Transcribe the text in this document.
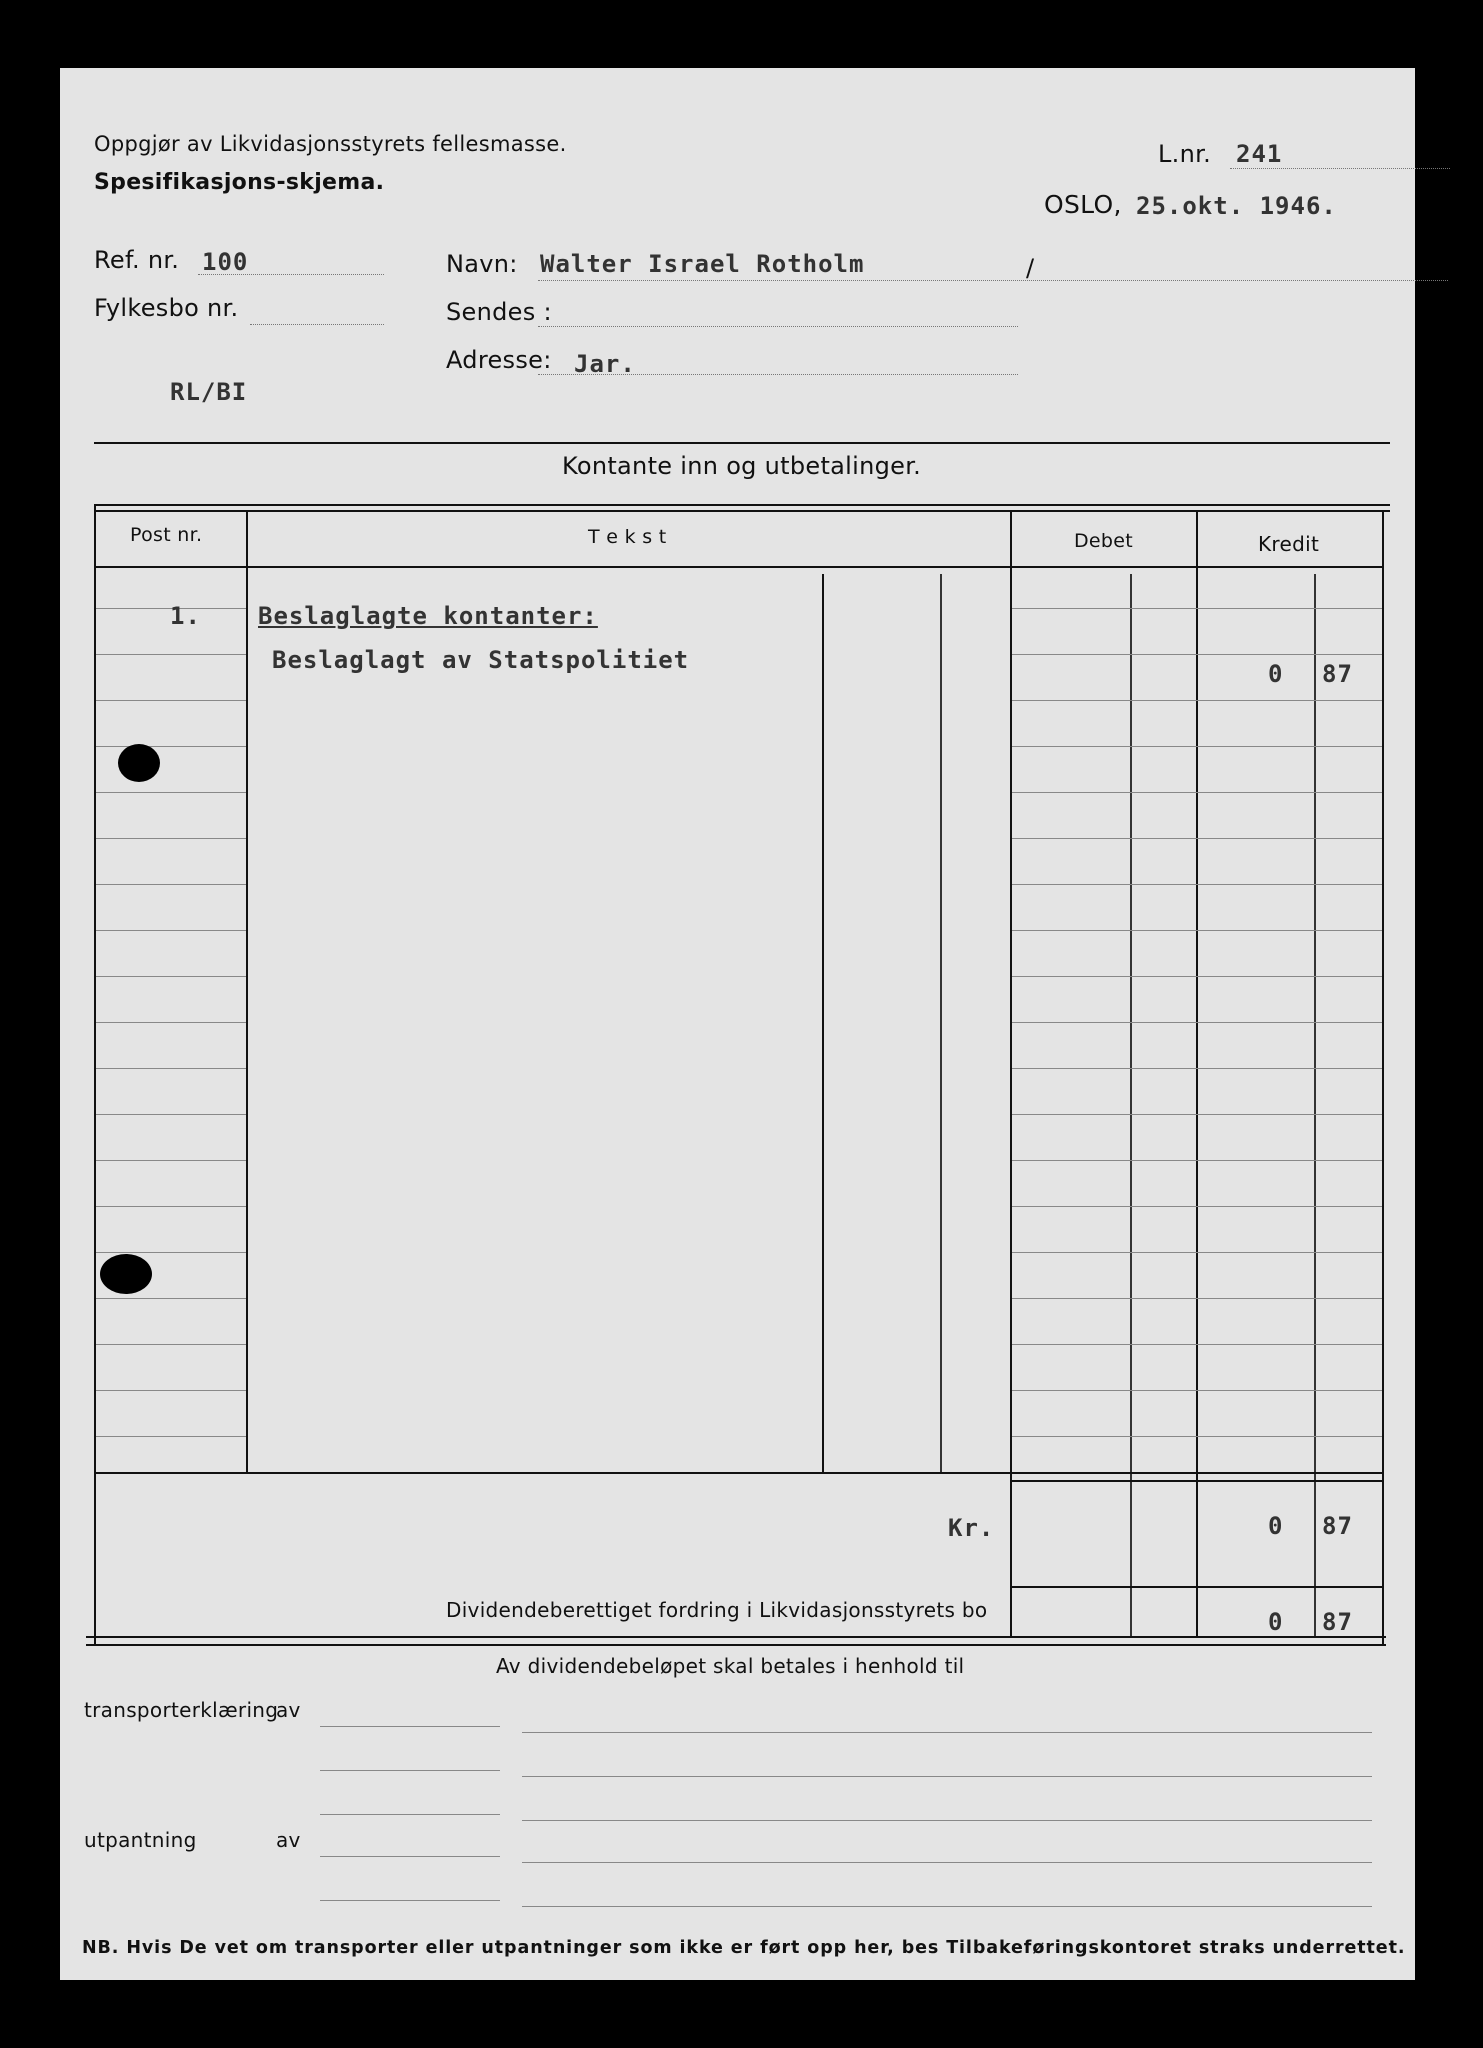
Oppgjør av Likvidasjonsstyrets fellesmasse.
Spesifikasjons-skjema.
L.nr. 241
OSLO, 25.okt. 1946.
Ref. nr. 100
Fylkesbo nr.
RL/BI
Navn: Walter Israel Rotholm	/
Sendes :
Adresse: Jar.
Kontante inn og utbetalinger.
Post nr.	T e k s t	Debet	Kredit
1. Beslaglagte kontanter:
Beslaglagt av Statspolitiet	0 87
Kr.	0 87
Dividendeberettiget fordring i Likvidasjonsstyrets bo	0 87
Av dividendebeløpet skal betales i henhold til
transporterklæring
av
utpantning	av
NB. Hvis De vet om transporter eller utpantninger som ikke er ført opp her, bes Tilbakeføringskontoret straks underrettet.
